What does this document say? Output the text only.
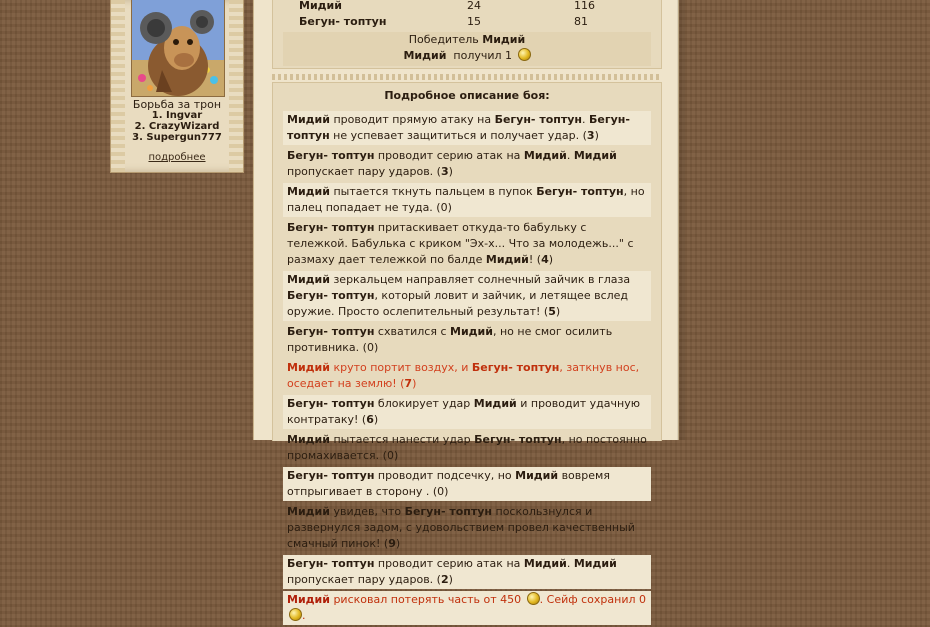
Борьба за трон
1. Ingvar
2. CrazyWizard
3. Supergun777
подробнее
Мидий	24	116
Бегун- топтун	15	81
Победитель Мидий
Мидий получил 1
Подробное описание боя:
Мидий проводит прямую атаку на Бегун- топтун. Бегун- топтун не успевает защититься и получает удар. (3)
Бегун- топтун проводит серию атак на Мидий. Мидий пропускает пару ударов. (3)
Мидий пытается ткнуть пальцем в пупок Бегун- топтун, но палец попадает не туда. (0)
Бегун- топтун притаскивает откуда-то бабульку с тележкой. Бабулька с криком "Эх-х... Что за молодежь..." с размаху дает тележкой по балде Мидий! (4)
Мидий зеркальцем направляет солнечный зайчик в глаза Бегун- топтун, который ловит и зайчик, и летящее вслед оружие. Просто ослепительный результат! (5)
Бегун- топтун схватился с Мидий, но не смог осилить противника. (0)
Мидий круто портит воздух, и Бегун- топтун, заткнув нос, оседает на землю! (7)
Бегун- топтун блокирует удар Мидий и проводит удачную контратаку! (6)
Мидий пытается нанести удар Бегун- топтун, но постоянно промахивается. (0)
Бегун- топтун проводит подсечку, но Мидий вовремя отпрыгивает в сторону . (0)
Мидий увидев, что Бегун- топтун поскользнулся и развернулся задом, с удовольствием провел качественный смачный пинок! (9)
Бегун- топтун проводит серию атак на Мидий. Мидий пропускает пару ударов. (2)
Мидий рисковал потерять часть от 450 . Сейф сохранил 0 .
